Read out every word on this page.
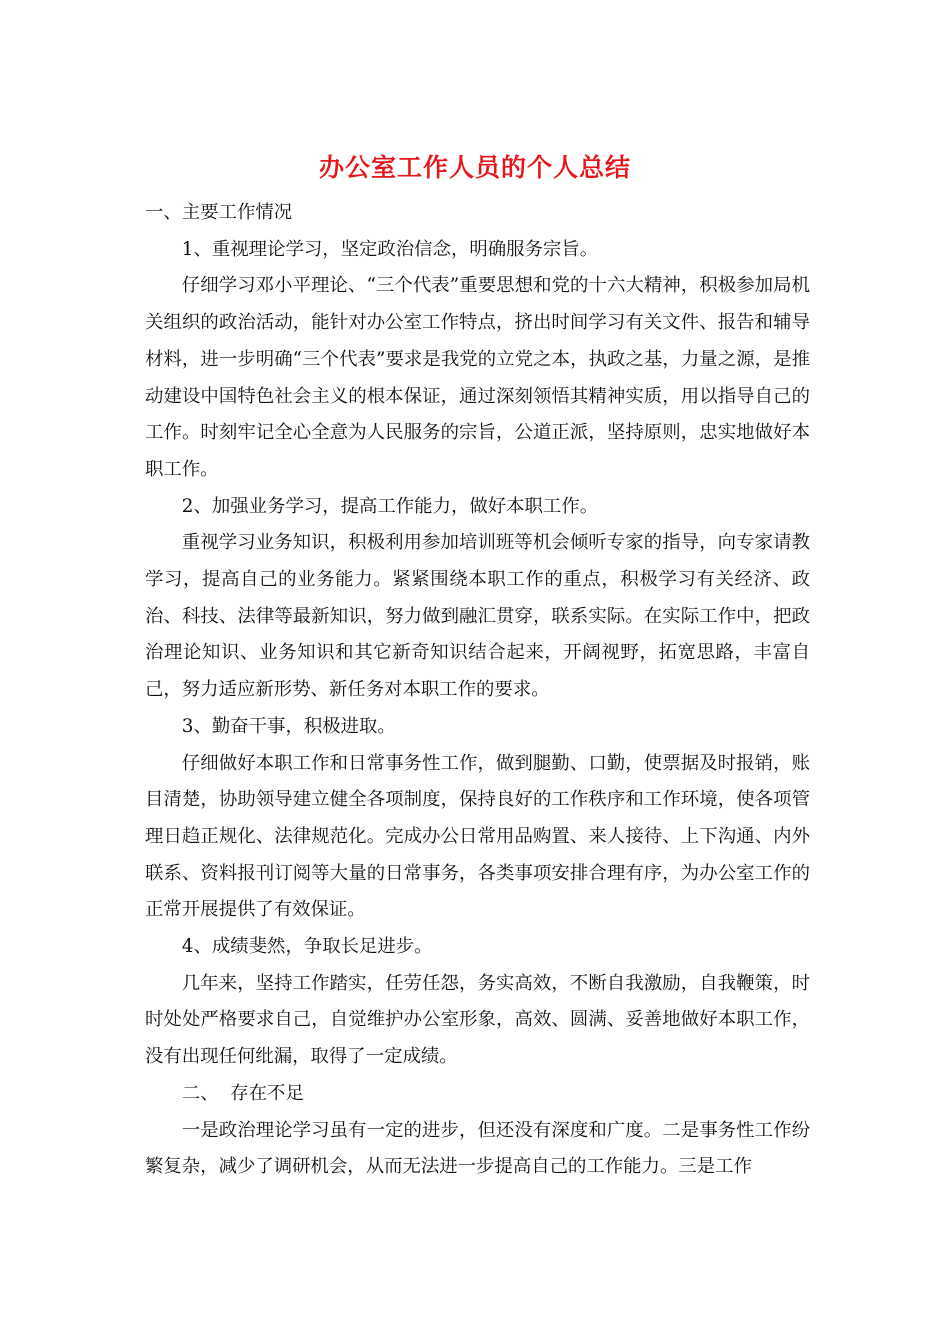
办公室工作人员的个人总结

一、主要工作情况

1、重视理论学习，坚定政治信念，明确服务宗旨。

仔细学习邓小平理论、“三个代表”重要思想和党的十六大精神，积极参加局机关组织的政治活动，能针对办公室工作特点，挤出时间学习有关文件、报告和辅导材料，进一步明确“三个代表”要求是我党的立党之本，执政之基，力量之源，是推动建设中国特色社会主义的根本保证，通过深刻领悟其精神实质，用以指导自己的工作。时刻牢记全心全意为人民服务的宗旨，公道正派，坚持原则，忠实地做好本职工作。

2、加强业务学习，提高工作能力，做好本职工作。

重视学习业务知识，积极利用参加培训班等机会倾听专家的指导，向专家请教学习，提高自己的业务能力。紧紧围绕本职工作的重点，积极学习有关经济、政治、科技、法律等最新知识，努力做到融汇贯穿，联系实际。在实际工作中，把政治理论知识、业务知识和其它新奇知识结合起来，开阔视野，拓宽思路，丰富自己，努力适应新形势、新任务对本职工作的要求。

3、勤奋干事，积极进取。

仔细做好本职工作和日常事务性工作，做到腿勤、口勤，使票据及时报销，账目清楚，协助领导建立健全各项制度，保持良好的工作秩序和工作环境，使各项管理日趋正规化、法律规范化。完成办公日常用品购置、来人接待、上下沟通、内外联系、资料报刊订阅等大量的日常事务，各类事项安排合理有序，为办公室工作的正常开展提供了有效保证。

4、成绩斐然，争取长足进步。

几年来，坚持工作踏实，任劳任怨，务实高效，不断自我激励，自我鞭策，时时处处严格要求自己，自觉维护办公室形象，高效、圆满、妥善地做好本职工作，没有出现任何纰漏，取得了一定成绩。

二、  存在不足

一是政治理论学习虽有一定的进步，但还没有深度和广度。二是事务性工作纷繁复杂，减少了调研机会，从而无法进一步提高自己的工作能力。三是工作
